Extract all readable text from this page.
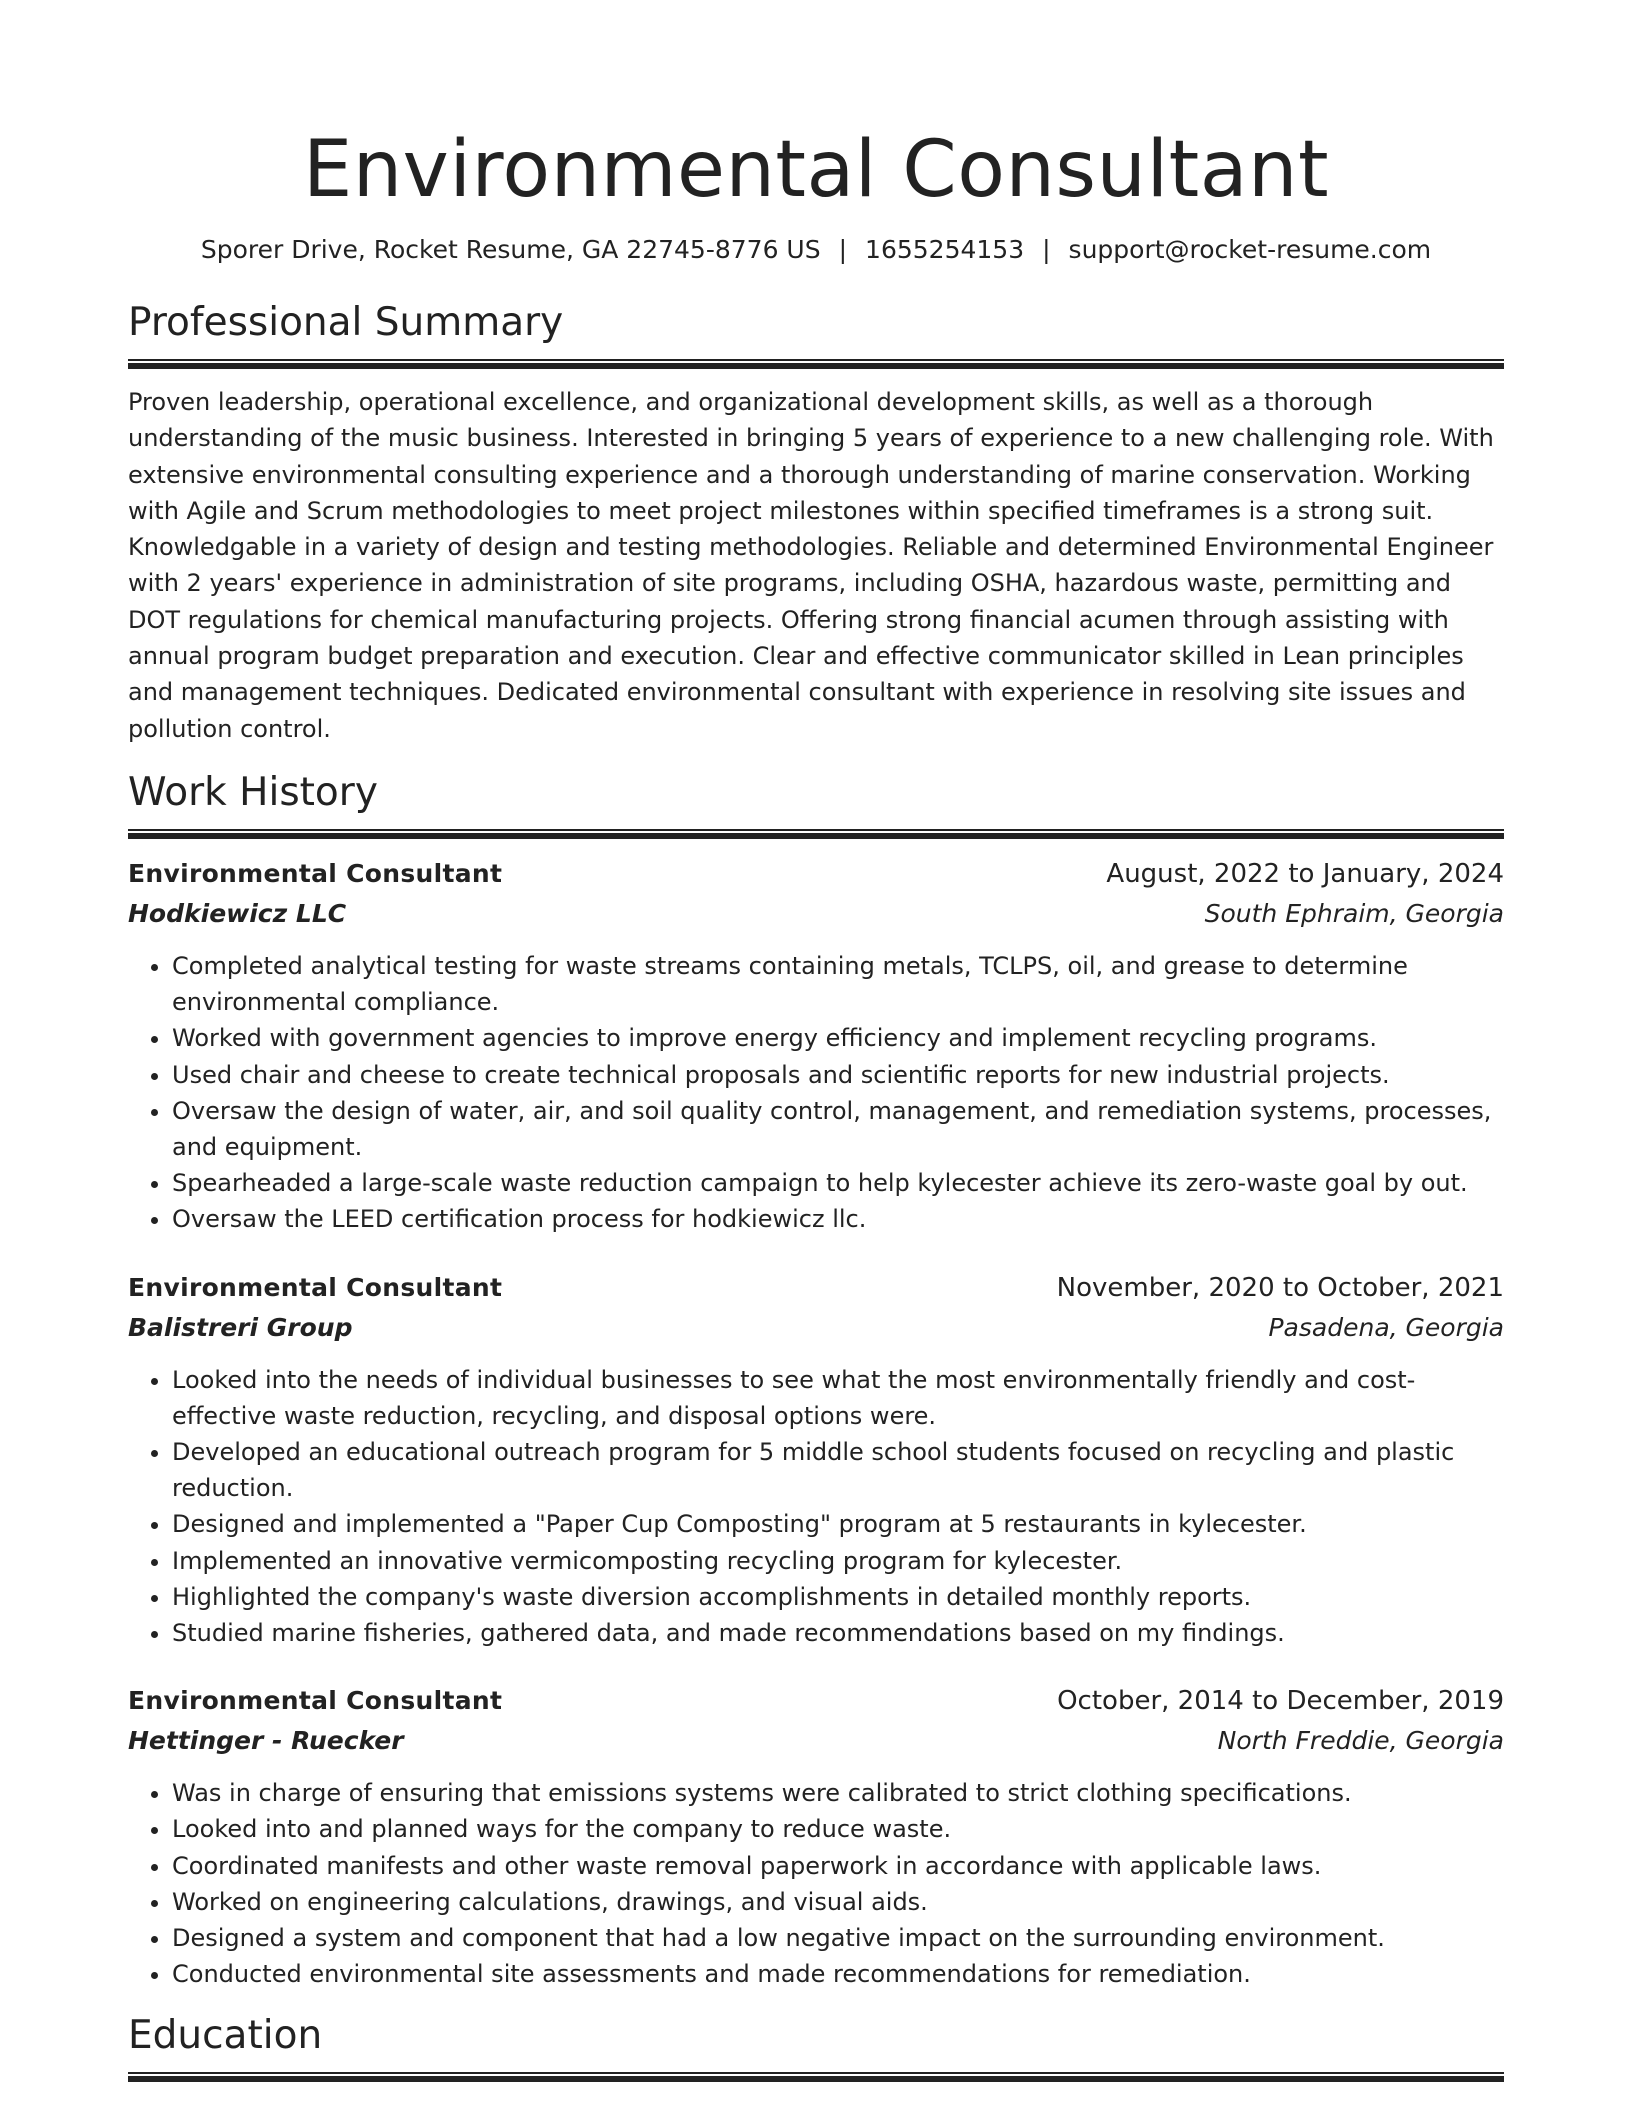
Environmental Consultant
Sporer Drive, Rocket Resume, GA 22745-8776 US | 1655254153 | support@rocket-resume.com
Professional Summary

Proven leadership, operational excellence, and organizational development skills, as well as a thorough understanding of the music business. Interested in bringing 5 years of experience to a new challenging role. With extensive environmental consulting experience and a thorough understanding of marine conservation. Working with Agile and Scrum methodologies to meet project milestones within specified timeframes is a strong suit. Knowledgable in a variety of design and testing methodologies. Reliable and determined Environmental Engineer with 2 years' experience in administration of site programs, including OSHA, hazardous waste, permitting and DOT regulations for chemical manufacturing projects. Offering strong financial acumen through assisting with annual program budget preparation and execution. Clear and effective communicator skilled in Lean principles and management techniques. Dedicated environmental consultant with experience in resolving site issues and pollution control.

Work History
Environmental Consultant	August, 2022 to January, 2024
Hodkiewicz LLC	South Ephraim, Georgia
• Completed analytical testing for waste streams containing metals, TCLPS, oil, and grease to determine environmental compliance.
• Worked with government agencies to improve energy efficiency and implement recycling programs.
• Used chair and cheese to create technical proposals and scientific reports for new industrial projects.
• Oversaw the design of water, air, and soil quality control, management, and remediation systems, processes, and equipment.
• Spearheaded a large-scale waste reduction campaign to help kylecester achieve its zero-waste goal by out.
• Oversaw the LEED certification process for hodkiewicz llc.
Environmental Consultant	November, 2020 to October, 2021
Balistreri Group	Pasadena, Georgia
• Looked into the needs of individual businesses to see what the most environmentally friendly and cost-effective waste reduction, recycling, and disposal options were.
• Developed an educational outreach program for 5 middle school students focused on recycling and plastic reduction.
• Designed and implemented a "Paper Cup Composting" program at 5 restaurants in kylecester.
• Implemented an innovative vermicomposting recycling program for kylecester.
• Highlighted the company's waste diversion accomplishments in detailed monthly reports.
• Studied marine fisheries, gathered data, and made recommendations based on my findings.
Environmental Consultant	October, 2014 to December, 2019
Hettinger - Ruecker	North Freddie, Georgia
• Was in charge of ensuring that emissions systems were calibrated to strict clothing specifications.
• Looked into and planned ways for the company to reduce waste.
• Coordinated manifests and other waste removal paperwork in accordance with applicable laws.
• Worked on engineering calculations, drawings, and visual aids.
• Designed a system and component that had a low negative impact on the surrounding environment.
• Conducted environmental site assessments and made recommendations for remediation.
Education
